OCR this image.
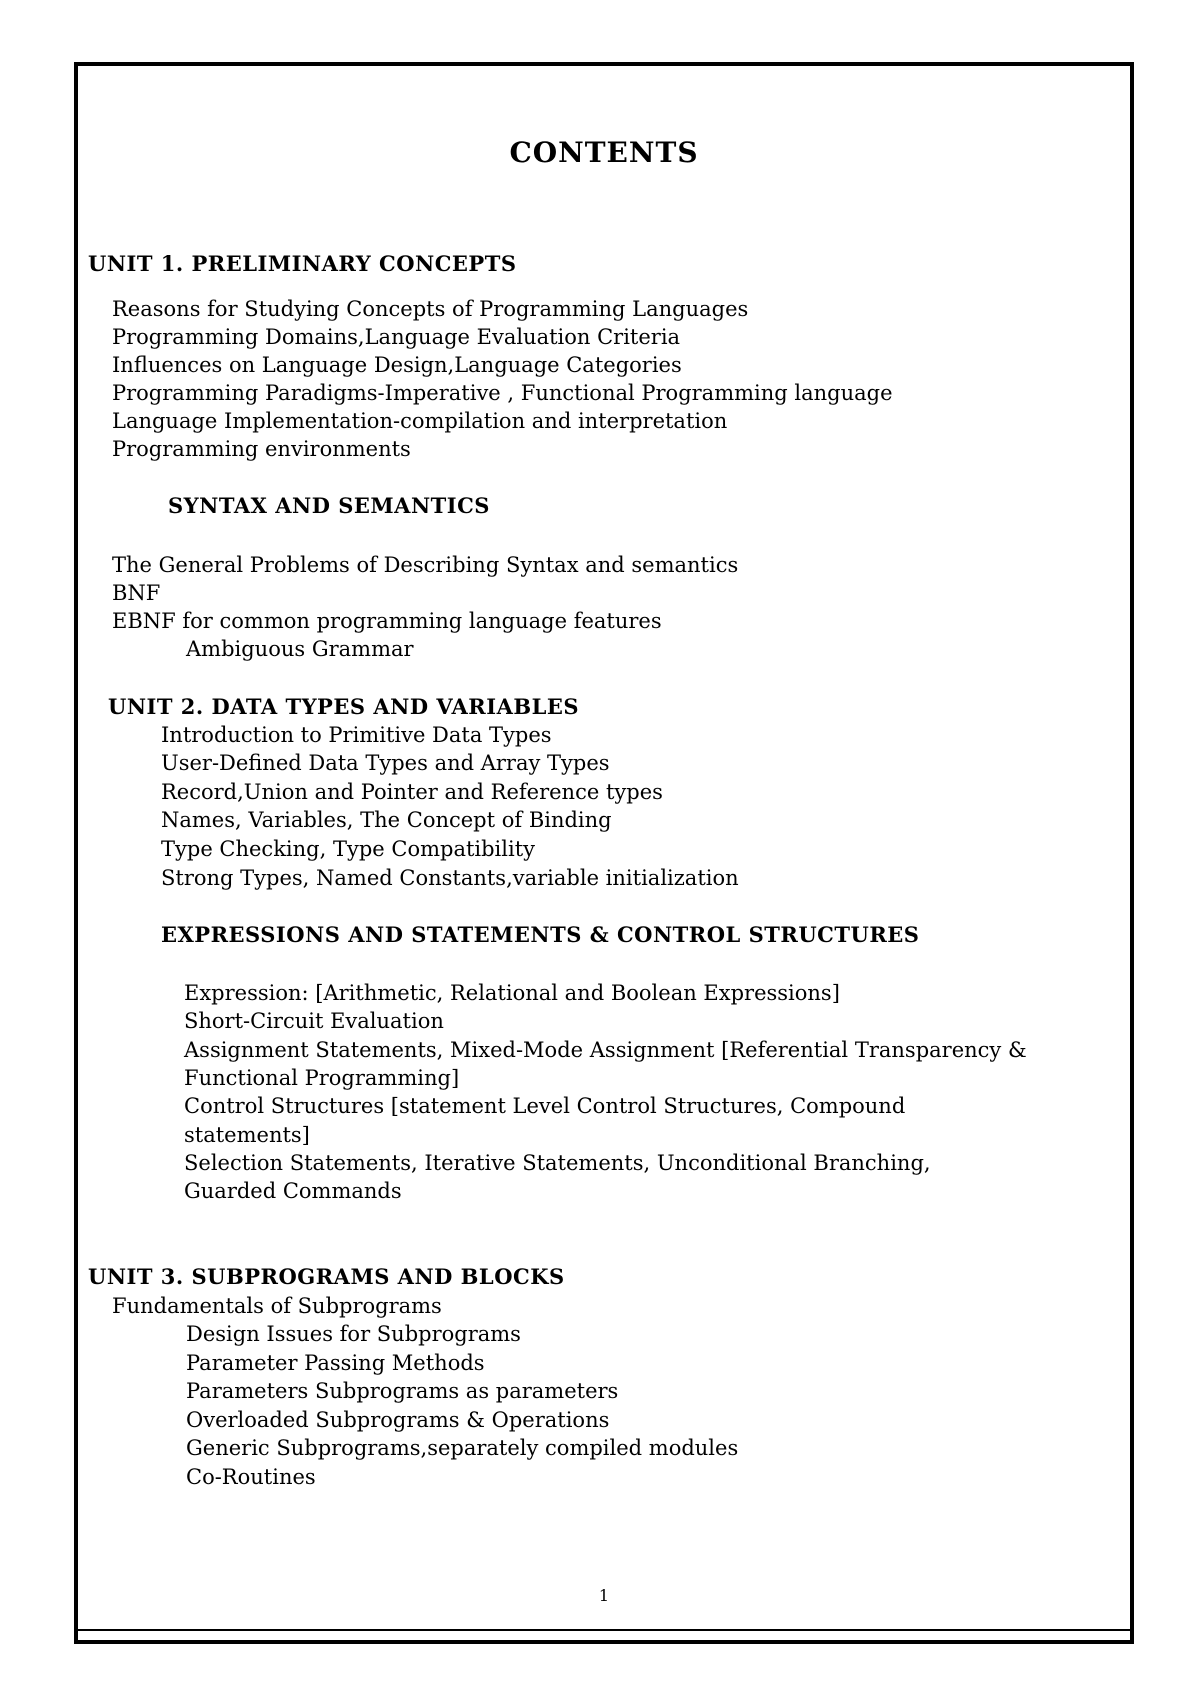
CONTENTS
UNIT 1. PRELIMINARY CONCEPTS
Reasons for Studying Concepts of Programming Languages
Programming Domains,Language Evaluation Criteria
Influences on Language Design,Language Categories
Programming Paradigms-Imperative , Functional Programming language
Language Implementation-compilation and interpretation
Programming environments
SYNTAX AND SEMANTICS
The General Problems of Describing Syntax and semantics
BNF
EBNF for common programming language features
Ambiguous Grammar
UNIT 2. DATA TYPES AND VARIABLES
Introduction to Primitive Data Types
User-Defined Data Types and Array Types
Record,Union and Pointer and Reference types
Names, Variables, The Concept of Binding
Type Checking, Type Compatibility
Strong Types, Named Constants,variable initialization
EXPRESSIONS AND STATEMENTS & CONTROL STRUCTURES
Expression: [Arithmetic, Relational and Boolean Expressions]
Short-Circuit Evaluation
Assignment Statements, Mixed-Mode Assignment [Referential Transparency &
Functional Programming]
Control Structures [statement Level Control Structures, Compound
statements]
Selection Statements, Iterative Statements, Unconditional Branching,
Guarded Commands
UNIT 3. SUBPROGRAMS AND BLOCKS
Fundamentals of Subprograms
Design Issues for Subprograms
Parameter Passing Methods
Parameters Subprograms as parameters
Overloaded Subprograms & Operations
Generic Subprograms,separately compiled modules
Co-Routines
1
